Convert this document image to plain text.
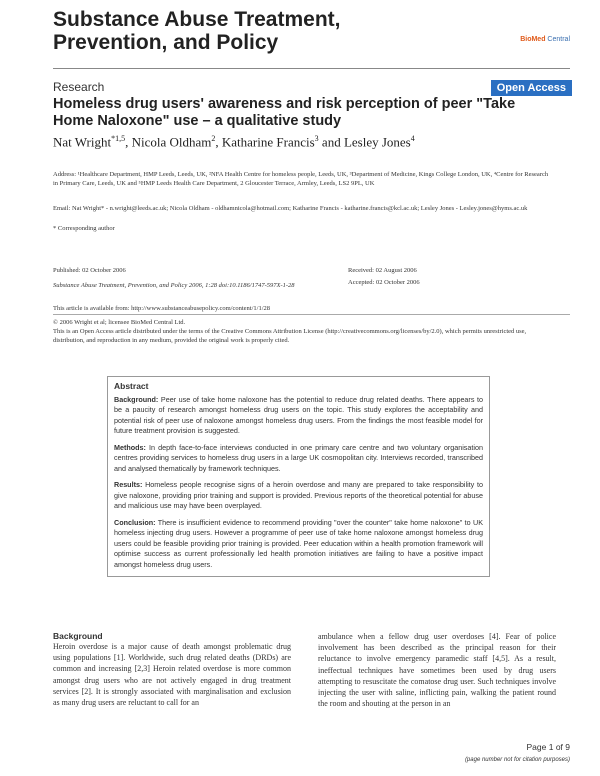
Substance Abuse Treatment,
Prevention, and Policy	BioMed Central
Research	Open Access
Homeless drug users' awareness and risk perception of peer "Take Home Naloxone" use – a qualitative study
Nat Wright$^{*1,5}$, Nicola Oldham$^2$, Katharine Francis$^3$ and Lesley Jones$^4$
Address: ¹Healthcare Department, HMP Leeds, Leeds, UK, ²NFA Health Centre for homeless people, Leeds, UK, ³Department of Medicine, Kings College London, UK, ⁴Centre for Research in Primary Care, Leeds, UK and ⁵HMP Leeds Health Care Department, 2 Gloucester Terrace, Armley, Leeds, LS2 9PL, UK
Email: Nat Wright* - n.wright@leeds.ac.uk; Nicola Oldham - oldhamnicola@hotmail.com; Katharine Francis - katharine.francis@kcl.ac.uk; Lesley Jones - Lesley.jones@hyms.ac.uk
* Corresponding author
Published: 02 October 2006	Received: 02 August 2006
Accepted: 02 October 2006
Substance Abuse Treatment, Prevention, and Policy 2006, 1:28 doi:10.1186/1747-597X-1-28
This article is available from: http://www.substanceabusepolicy.com/content/1/1/28
© 2006 Wright et al; licensee BioMed Central Ltd.
This is an Open Access article distributed under the terms of the Creative Commons Attribution License (http://creativecommons.org/licenses/by/2.0), which permits unrestricted use, distribution, and reproduction in any medium, provided the original work is properly cited.
Abstract

Background: Peer use of take home naloxone has the potential to reduce drug related deaths. There appears to be a paucity of research amongst homeless drug users on the topic. This study explores the acceptability and potential risk of peer use of naloxone amongst homeless drug users. From the findings the most feasible model for future treatment provision is suggested.

Methods: In depth face-to-face interviews conducted in one primary care centre and two voluntary organisation centres providing services to homeless drug users in a large UK cosmopolitan city. Interviews recorded, transcribed and analysed thematically by framework techniques.

Results: Homeless people recognise signs of a heroin overdose and many are prepared to take responsibility to give naloxone, providing prior training and support is provided. Previous reports of the theoretical potential for abuse and malicious use may have been overplayed.

Conclusion: There is insufficient evidence to recommend providing "over the counter" take home naloxone" to UK homeless injecting drug users. However a programme of peer use of take home naloxone amongst homeless drug users could be feasible providing prior training is provided. Peer education within a health promotion framework will optimise success as current professionally led health promotion initiatives are failing to have a positive impact amongst homeless drug users.

Background
Heroin overdose is a major cause of death amongst problematic drug using populations [1]. Worldwide, such drug related deaths (DRDs) are common and increasing [2,3] Heroin related overdose is more common amongst drug users who are not actively engaged in drug treatment services [2]. It is strongly associated with marginalisation and exclusion as many drug users are reluctant to call for an
ambulance when a fellow drug user overdoses [4]. Fear of police involvement has been described as the principal reason for their reluctance to involve emergency paramedic staff [4,5]. As a result, ineffectual techniques have sometimes been used by drug users attempting to resuscitate the comatose drug user. Such techniques involve injecting the user with saline, inflicting pain, walking the patient round the room and shouting at the person in an
Page 1 of 9
(page number not for citation purposes)
